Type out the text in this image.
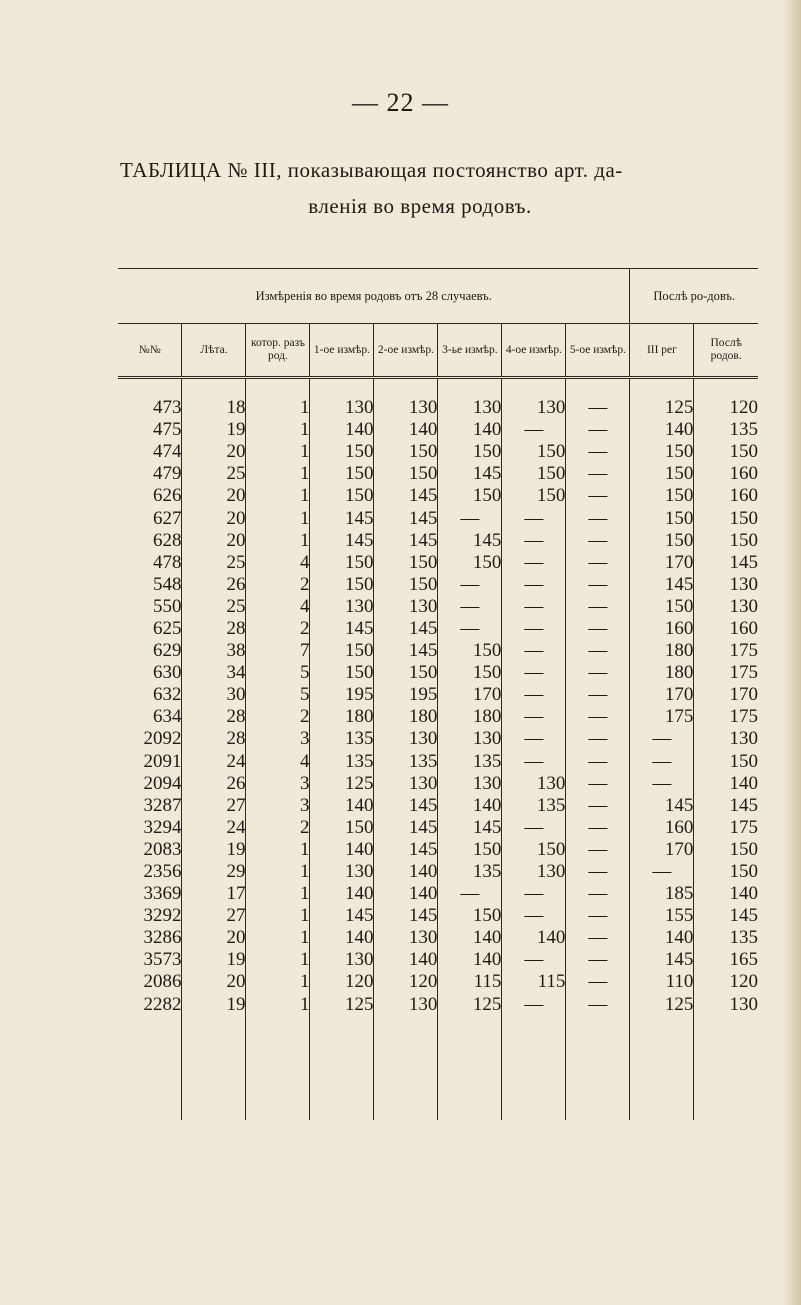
— 22 —
ТАБЛИЦА № III, показывающая постоянство арт. да-
вленія во время родовъ.
Измѣренія во время родовъ отъ 28 случаевъ.								Послѣ ро-довъ.	
№№	Лѣта.	котор. разъ род.	1-ое измѣр.	2-ое измѣр.	3-ье измѣр.	4-ое измѣр.	5-ое измѣр.	III рег	Послѣ родов.

473	18	1	130	130	130	130	—	125	120
475	19	1	140	140	140	—	—	140	135
474	20	1	150	150	150	150	—	150	150
479	25	1	150	150	145	150	—	150	160
626	20	1	150	145	150	150	—	150	160
627	20	1	145	145	—	—	—	150	150
628	20	1	145	145	145	—	—	150	150
478	25	4	150	150	150	—	—	170	145
548	26	2	150	150	—	—	—	145	130
550	25	4	130	130	—	—	—	150	130
625	28	2	145	145	—	—	—	160	160
629	38	7	150	145	150	—	—	180	175
630	34	5	150	150	150	—	—	180	175
632	30	5	195	195	170	—	—	170	170
634	28	2	180	180	180	—	—	175	175
2092	28	3	135	130	130	—	—	—	130
2091	24	4	135	135	135	—	—	—	150
2094	26	3	125	130	130	130	—	—	140
3287	27	3	140	145	140	135	—	145	145
3294	24	2	150	145	145	—	—	160	175
2083	19	1	140	145	150	150	—	170	150
2356	29	1	130	140	135	130	—	—	150
3369	17	1	140	140	—	—	—	185	140
3292	27	1	145	145	150	—	—	155	145
3286	20	1	140	130	140	140	—	140	135
3573	19	1	130	140	140	—	—	145	165
2086	20	1	120	120	115	115	—	110	120
2282	19	1	125	130	125	—	—	125	130
